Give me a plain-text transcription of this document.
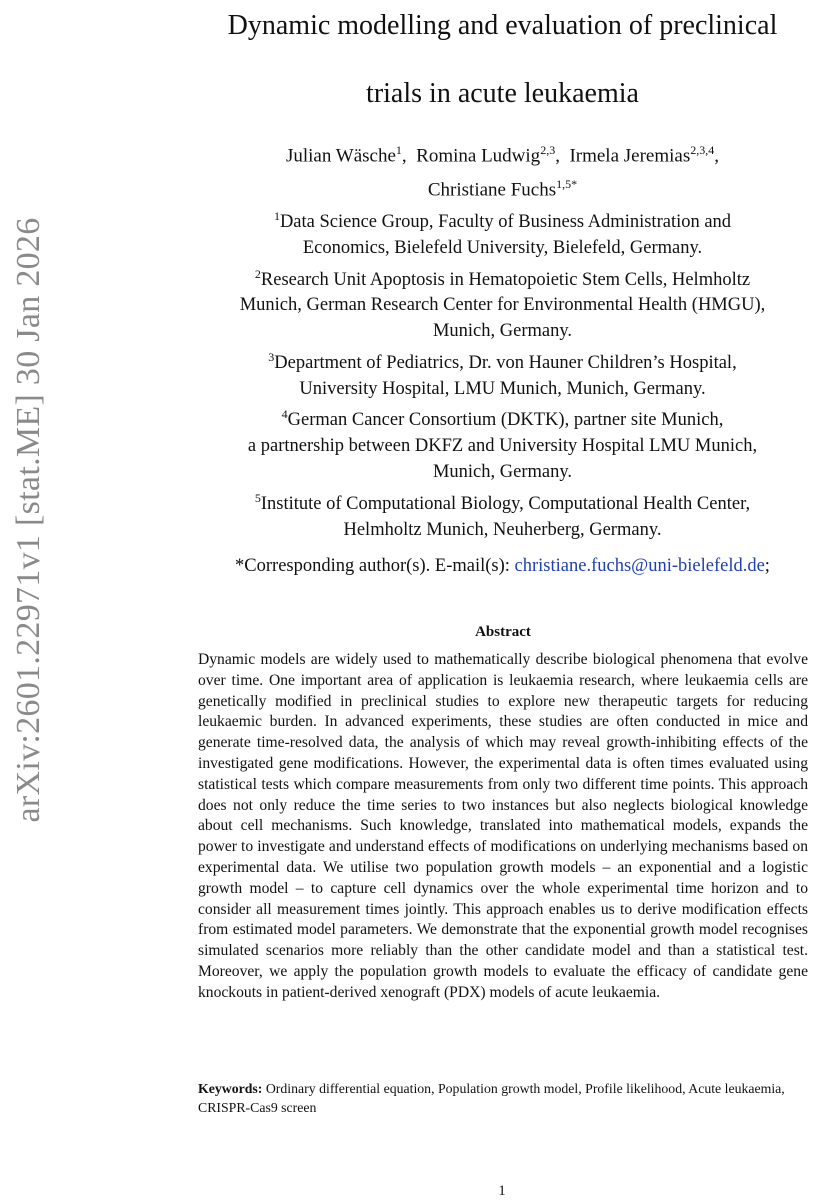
arXiv:2601.22971v1 [stat.ME] 30 Jan 2026
Dynamic modelling and evaluation of preclinical
trials in acute leukaemia
Julian Wäsche$^1$,  Romina Ludwig$^{2,3}$,  Irmela Jeremias$^{2,3,4}$,
Christiane Fuchs$^{1,5*}$
$^1$Data Science Group, Faculty of Business Administration and
Economics, Bielefeld University, Bielefeld, Germany.
$^2$Research Unit Apoptosis in Hematopoietic Stem Cells, Helmholtz
Munich, German Research Center for Environmental Health (HMGU),
Munich, Germany.
$^3$Department of Pediatrics, Dr. von Hauner Children’s Hospital,
University Hospital, LMU Munich, Munich, Germany.
$^4$German Cancer Consortium (DKTK), partner site Munich,
a partnership between DKFZ and University Hospital LMU Munich,
Munich, Germany.
$^5$Institute of Computational Biology, Computational Health Center,
Helmholtz Munich, Neuherberg, Germany.
*Corresponding author(s). E-mail(s): christiane.fuchs@uni-bielefeld.de;
Abstract
Dynamic models are widely used to mathematically describe biological phenomena that evolve over time. One important area of application is leukaemia research, where leukaemia cells are genetically modified in preclinical studies to explore new therapeutic targets for reducing leukaemic burden. In advanced experiments, these studies are often conducted in mice and generate time-resolved data, the analysis of which may reveal growth-inhibiting effects of the investigated gene modifications. However, the experimental data is often times evaluated using statistical tests which compare measurements from only two different time points. This approach does not only reduce the time series to two instances but also neglects biological knowledge about cell mechanisms. Such knowledge, translated into mathematical models, expands the power to investigate and understand effects of modifications on underlying mechanisms based on experimental data. We utilise two population growth models – an exponential and a logistic growth model – to capture cell dynamics over the whole experimental time horizon and to consider all measurement times jointly. This approach enables us to derive modification effects from estimated model parameters. We demonstrate that the exponential growth model recognises simulated scenarios more reliably than the other candidate model and than a statistical test. Moreover, we apply the population growth models to evaluate the efficacy of candidate gene knockouts in patient-derived xenograft (PDX) models of acute leukaemia.
Keywords: Ordinary differential equation, Population growth model, Profile likelihood, Acute leukaemia, CRISPR-Cas9 screen
1
